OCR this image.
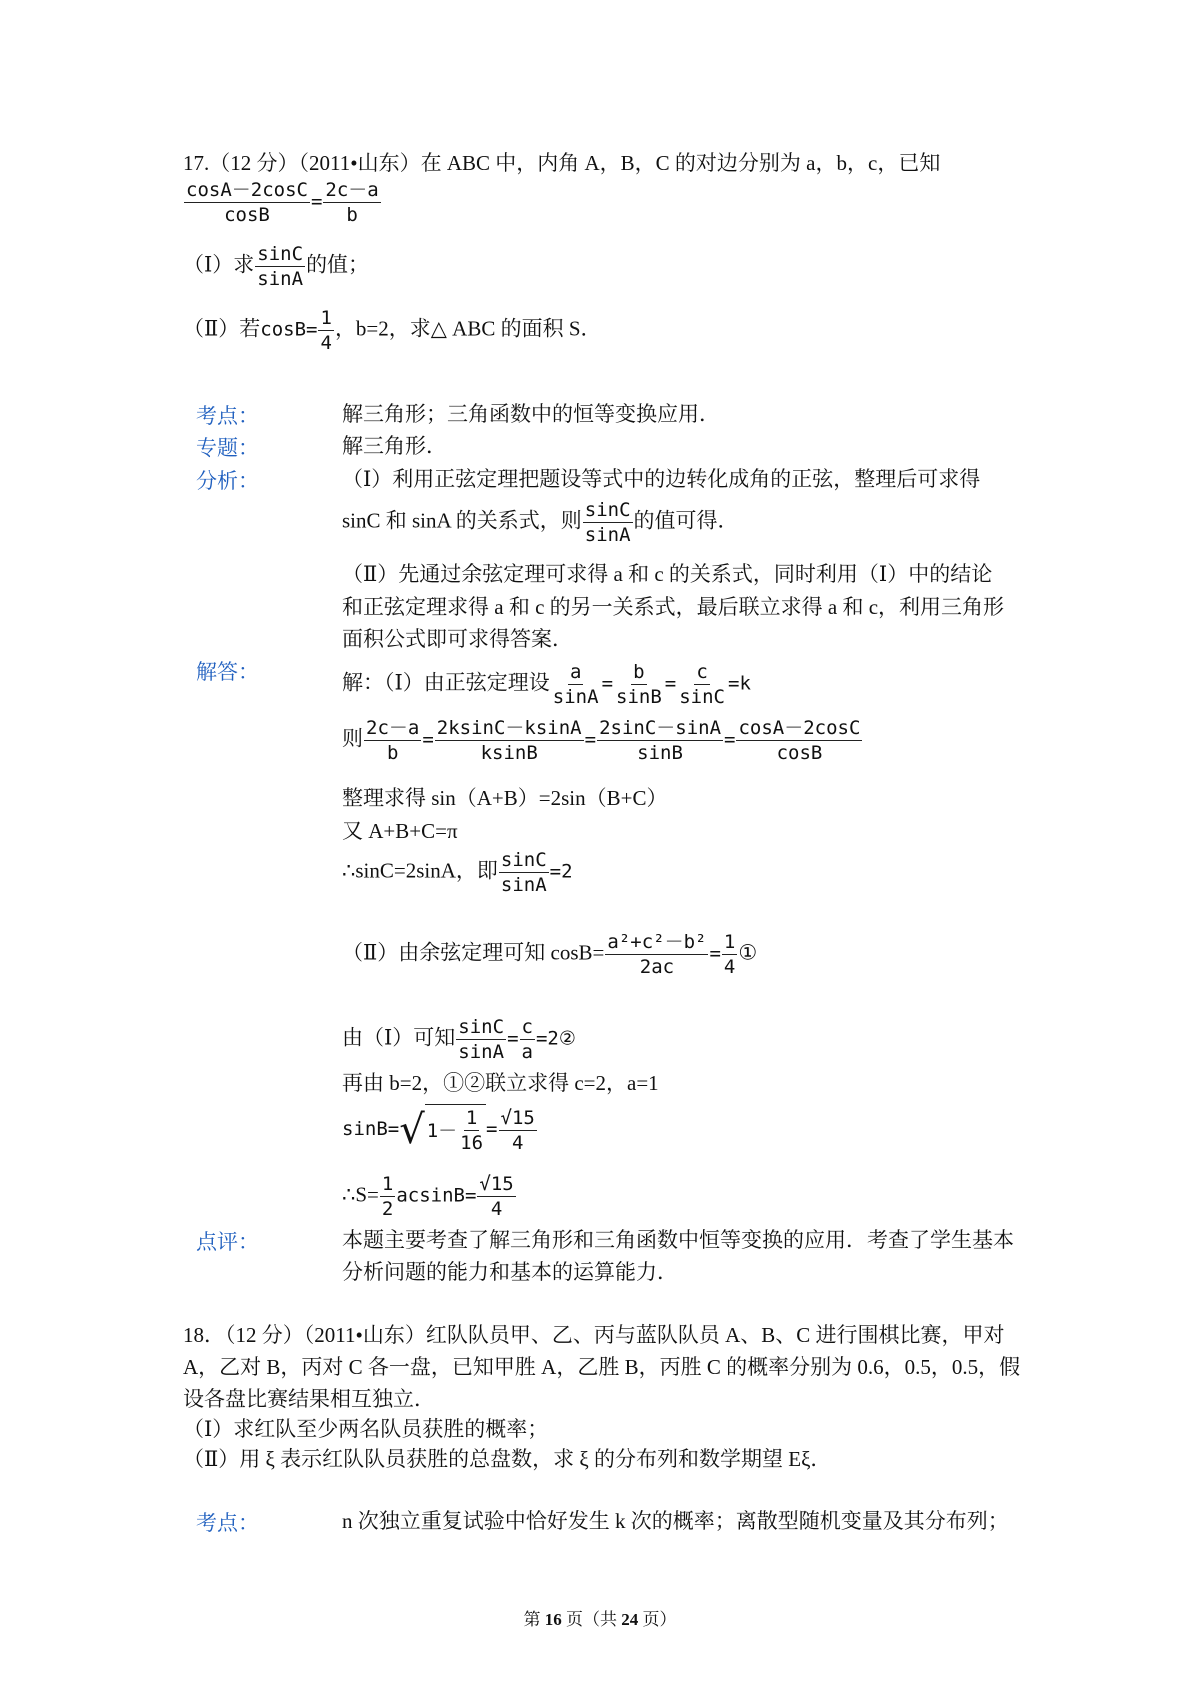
17.（12 分）（2011•山东）在 ABC 中，内角 A，B，C 的对边分别为 a，b，c，已知
$\frac{\cos A-2\cos C}{\cos B} = \frac{2c-a}{b}$
（Ⅰ）求 $\frac{\sin C}{\sin A}$ 的值；
（Ⅱ）若$\cos B= \frac{1}{4}$ ，b=2，求△ ABC 的面积 S．
考点：	解三角形；三角函数中的恒等变换应用．
专题：	解三角形．
分析：	（Ⅰ）利用正弦定理把题设等式中的边转化成角的正弦，整理后可求得
sinC 和 sinA 的关系式，则 $\frac{\sin C}{\sin A}$ 的值可得．
（Ⅱ）先通过余弦定理可求得 a 和 c 的关系式，同时利用（Ⅰ）中的结论
和正弦定理求得 a 和 c 的另一关系式，最后联立求得 a 和 c，利用三角形
面积公式即可求得答案．
解答：	解：（Ⅰ）由正弦定理设 $\frac{a}{\sin A} = \frac{b}{\sin B} = \frac{c}{\sin C} =k$
则 $\frac{2c-a}{b} = \frac{2ksinC-ksinA}{ksinB} = \frac{2\sin C-\sin A}{\sin B} = \frac{\cos A-2\cos C}{\cos B}$
整理求得 sin（A+B）=2sin（B+C）
又 A+B+C=π
∴sinC=2sinA，即 $\frac{\sin C}{\sin A} =2$
（Ⅱ）由余弦定理可知 $\cos B= \frac{\text{a²+c²－b²}}{2ac} = \frac{1}{4}$ ①
由（Ⅰ）可知 $\frac{\sin C}{\sin A} = \frac{c}{a}$ =2②
再由 b=2，①②联立求得 c=2，a=1
sinB= √ $1- \frac{1}{16} = \frac{√15}{4}$
∴S= $\frac{1}{2} acsinB= \frac{√15}{4}$
点评：	本题主要考查了解三角形和三角函数中恒等变换的应用．考查了学生基本
分析问题的能力和基本的运算能力．
18．（12 分）（2011•山东）红队队员甲、乙、丙与蓝队队员 A、B、C 进行围棋比赛，甲对
A，乙对 B，丙对 C 各一盘，已知甲胜 A，乙胜 B，丙胜 C 的概率分别为 0.6，0.5，0.5，假
设各盘比赛结果相互独立．
（Ⅰ）求红队至少两名队员获胜的概率；
（Ⅱ）用 ξ 表示红队队员获胜的总盘数，求 ξ 的分布列和数学期望 Eξ．
考点：	n 次独立重复试验中恰好发生 k 次的概率；离散型随机变量及其分布列；
第 16 页（共 24 页）
